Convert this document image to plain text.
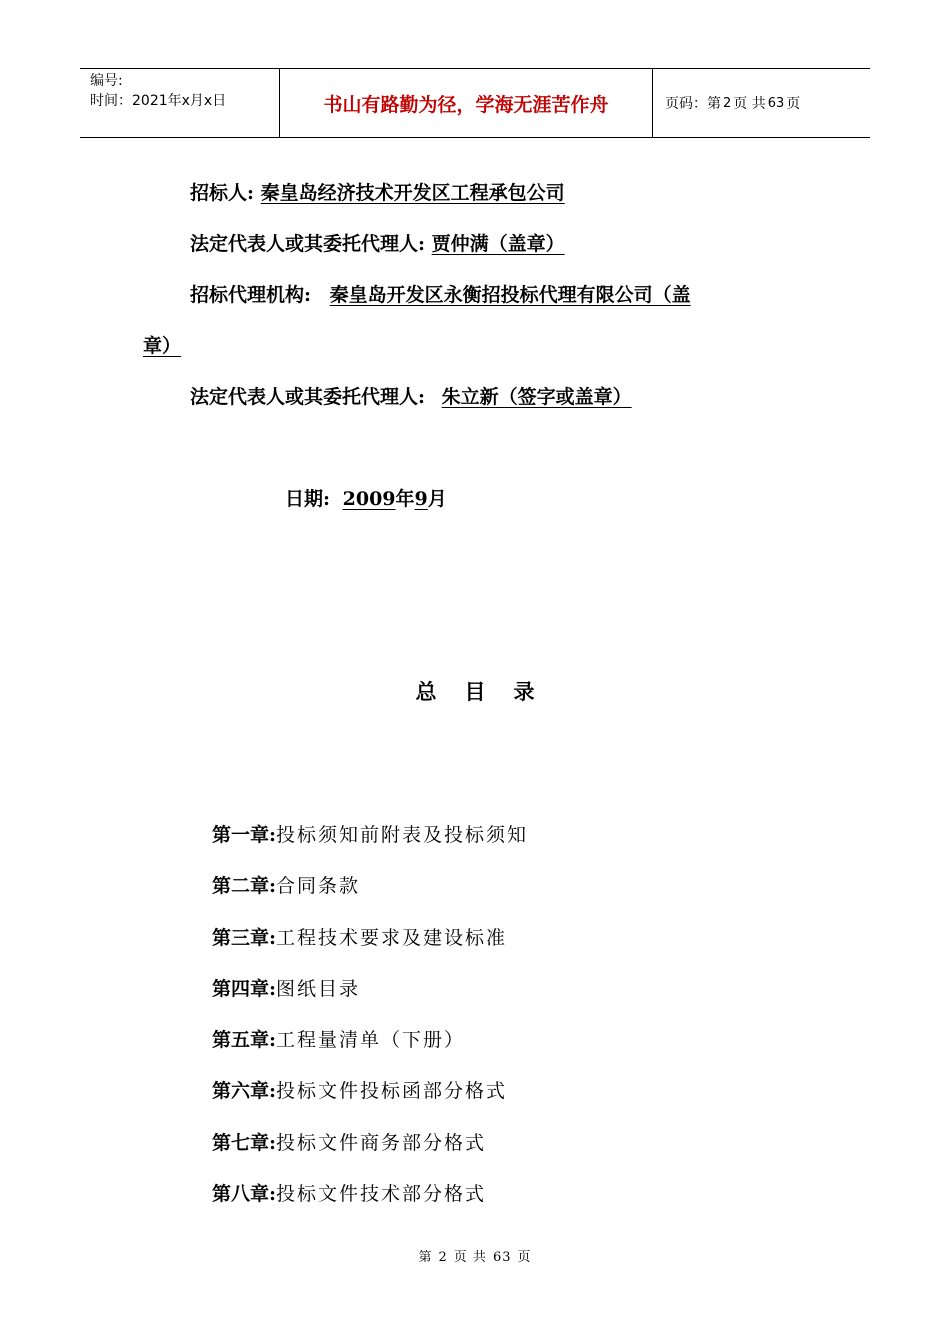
编号:
时间：2021年x月x日	书山有路勤为径，学海无涯苦作舟	页码：第 2 页 共 63 页
招标人: 秦皇岛经济技术开发区工程承包公司
法定代表人或其委托代理人: 贾仲满（盖章）
招标代理机构: 秦皇岛开发区永衡招投标代理有限公司（盖
章）
法定代表人或其委托代理人: 朱立新（签字或盖章）
日期: 2009年9月
总目录
第一章: 投标须知前附表及投标须知
第二章: 合同条款
第三章: 工程技术要求及建设标准
第四章: 图纸目录
第五章: 工程量清单（下册）
第六章: 投标文件投标函部分格式
第七章: 投标文件商务部分格式
第八章: 投标文件技术部分格式
第 2 页 共 63 页
